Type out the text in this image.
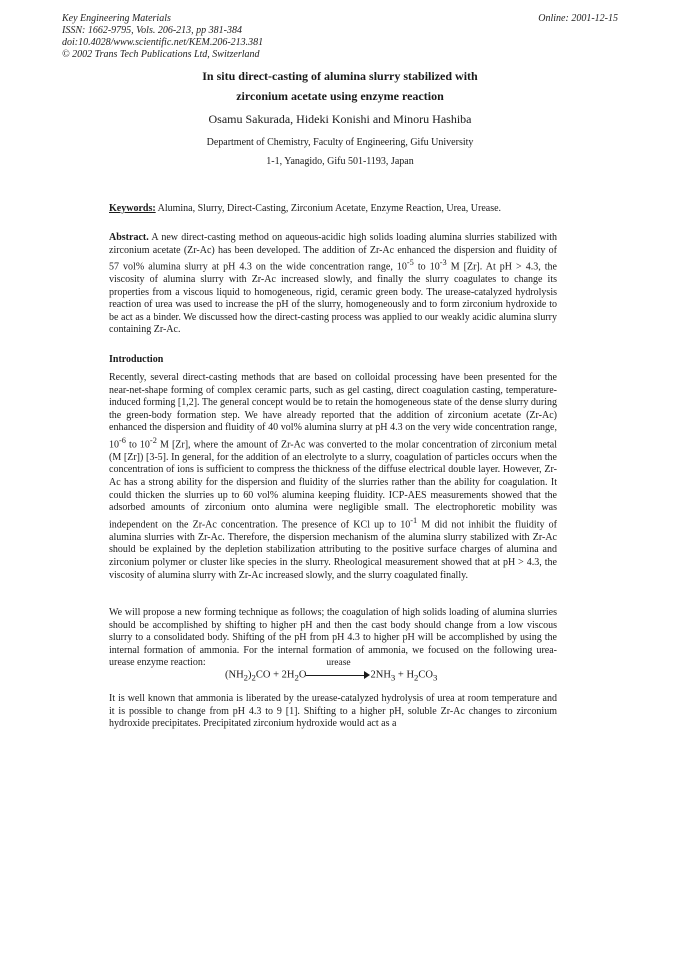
Key Engineering Materials
ISSN: 1662-9795, Vols. 206-213, pp 381-384
doi:10.4028/www.scientific.net/KEM.206-213.381
© 2002 Trans Tech Publications Ltd, Switzerland
Online: 2001-12-15
In situ direct-casting of alumina slurry stabilized with
zirconium acetate using enzyme reaction
Osamu Sakurada, Hideki Konishi and Minoru Hashiba
Department of Chemistry, Faculty of Engineering, Gifu University
1-1, Yanagido, Gifu 501-1193, Japan
Keywords: Alumina, Slurry, Direct-Casting, Zirconium Acetate, Enzyme Reaction, Urea, Urease.
Abstract. A new direct-casting method on aqueous-acidic high solids loading alumina slurries stabilized with zirconium acetate (Zr-Ac) has been developed. The addition of Zr-Ac enhanced the dispersion and fluidity of 57 vol% alumina slurry at pH 4.3 on the wide concentration range, $10^{-5}$ to $10^{-3}$ M [Zr]. At pH > 4.3, the viscosity of alumina slurry with Zr-Ac increased slowly, and finally the slurry coagulates to change its properties from a viscous liquid to homogeneous, rigid, ceramic green body. The urease-catalyzed hydrolysis reaction of urea was used to increase the pH of the slurry, homogeneously and to form zirconium hydroxide to be act as a binder. We discussed how the direct-casting process was applied to our weakly acidic alumina slurry containing Zr-Ac.
Introduction
Recently, several direct-casting methods that are based on colloidal processing have been presented for the near-net-shape forming of complex ceramic parts, such as gel casting, direct coagulation casting, temperature-induced forming [1,2]. The general concept would be to retain the homogeneous state of the dense slurry during the green-body formation step. We have already reported that the addition of zirconium acetate (Zr-Ac) enhanced the dispersion and fluidity of 40 vol% alumina slurry at pH 4.3 on the very wide concentration range, $10^{-6}$ to $10^{-2}$ M [Zr], where the amount of Zr-Ac was converted to the molar concentration of zirconium metal (M [Zr]) [3-5]. In general, for the addition of an electrolyte to a slurry, coagulation of particles occurs when the concentration of ions is sufficient to compress the thickness of the diffuse electrical double layer. However, Zr-Ac has a strong ability for the dispersion and fluidity of the slurries rather than the ability for coagulation. It could thicken the slurries up to 60 vol% alumina keeping fluidity. ICP-AES measurements showed that the adsorbed amounts of zirconium onto alumina were negligible small. The electrophoretic mobility was independent on the Zr-Ac concentration. The presence of KCl up to $10^{-1}$ M did not inhibit the fluidity of alumina slurries with Zr-Ac. Therefore, the dispersion mechanism of the alumina slurry stabilized with Zr-Ac should be explained by the depletion stabilization attributing to the positive surface charges of alumina and zirconium polymer or cluster like species in the slurry. Rheological measurement showed that at pH > 4.3, the viscosity of alumina slurry with Zr-Ac increased slowly, and the slurry coagulated finally.
We will propose a new forming technique as follows; the coagulation of high solids loading of alumina slurries should be accomplished by shifting to higher pH and then the cast body should change from a low viscous slurry to a consolidated body. Shifting of the pH from pH 4.3 to higher pH will be accomplished by using the internal formation of ammonia. For the internal formation of ammonia, we focused on the following urea-urease enzyme reaction:
$(NH_2)_2CO + 2H_2O$
urease
$2NH_3 + H_2CO_3$
It is well known that ammonia is liberated by the urease-catalyzed hydrolysis of urea at room temperature and it is possible to change from pH 4.3 to 9 [1]. Shifting to a higher pH, soluble Zr-Ac changes to zirconium hydroxide precipitates. Precipitated zirconium hydroxide would act as a
